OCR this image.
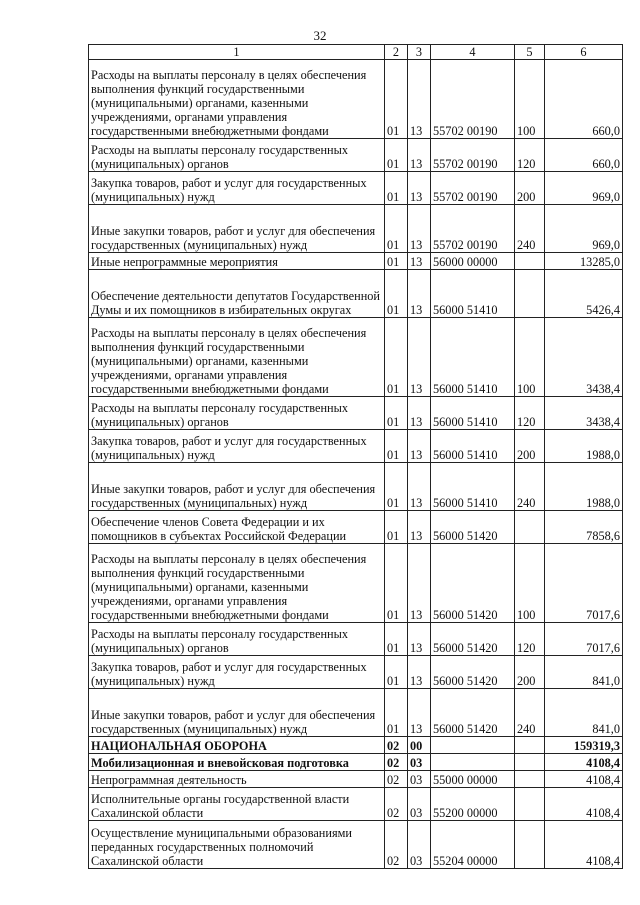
32
1	2	3	4	5	6
Расходы на выплаты персоналу в целях обеспечения выполнения функций государственными (муниципальными) органами, казенными учреждениями, органами управления государственными внебюджетными фондами	01	13	55702 00190	100	660,0
Расходы на выплаты персоналу государственных (муниципальных) органов	01	13	55702 00190	120	660,0
Закупка товаров, работ и услуг для государственных (муниципальных) нужд	01	13	55702 00190	200	969,0
Иные закупки товаров, работ и услуг для обеспечения государственных (муниципальных) нужд	01	13	55702 00190	240	969,0
Иные непрограммные мероприятия	01	13	56000 00000		13285,0
Обеспечение деятельности депутатов Государственной Думы и их помощников в избирательных округах	01	13	56000 51410		5426,4
Расходы на выплаты персоналу в целях обеспечения выполнения функций государственными (муниципальными) органами, казенными учреждениями, органами управления государственными внебюджетными фондами	01	13	56000 51410	100	3438,4
Расходы на выплаты персоналу государственных (муниципальных) органов	01	13	56000 51410	120	3438,4
Закупка товаров, работ и услуг для государственных (муниципальных) нужд	01	13	56000 51410	200	1988,0
Иные закупки товаров, работ и услуг для обеспечения государственных (муниципальных) нужд	01	13	56000 51410	240	1988,0
Обеспечение членов Совета Федерации и их помощников в субъектах Российской Федерации	01	13	56000 51420		7858,6
Расходы на выплаты персоналу в целях обеспечения выполнения функций государственными (муниципальными) органами, казенными учреждениями, органами управления государственными внебюджетными фондами	01	13	56000 51420	100	7017,6
Расходы на выплаты персоналу государственных (муниципальных) органов	01	13	56000 51420	120	7017,6
Закупка товаров, работ и услуг для государственных (муниципальных) нужд	01	13	56000 51420	200	841,0
Иные закупки товаров, работ и услуг для обеспечения государственных (муниципальных) нужд	01	13	56000 51420	240	841,0
НАЦИОНАЛЬНАЯ ОБОРОНА	02	00			159319,3
Мобилизационная и вневойсковая подготовка	02	03			4108,4
Непрограммная деятельность	02	03	55000 00000		4108,4
Исполнительные органы государственной власти Сахалинской области	02	03	55200 00000		4108,4
Осуществление муниципальными образованиями переданных государственных полномочий Сахалинской области	02	03	55204 00000		4108,4
